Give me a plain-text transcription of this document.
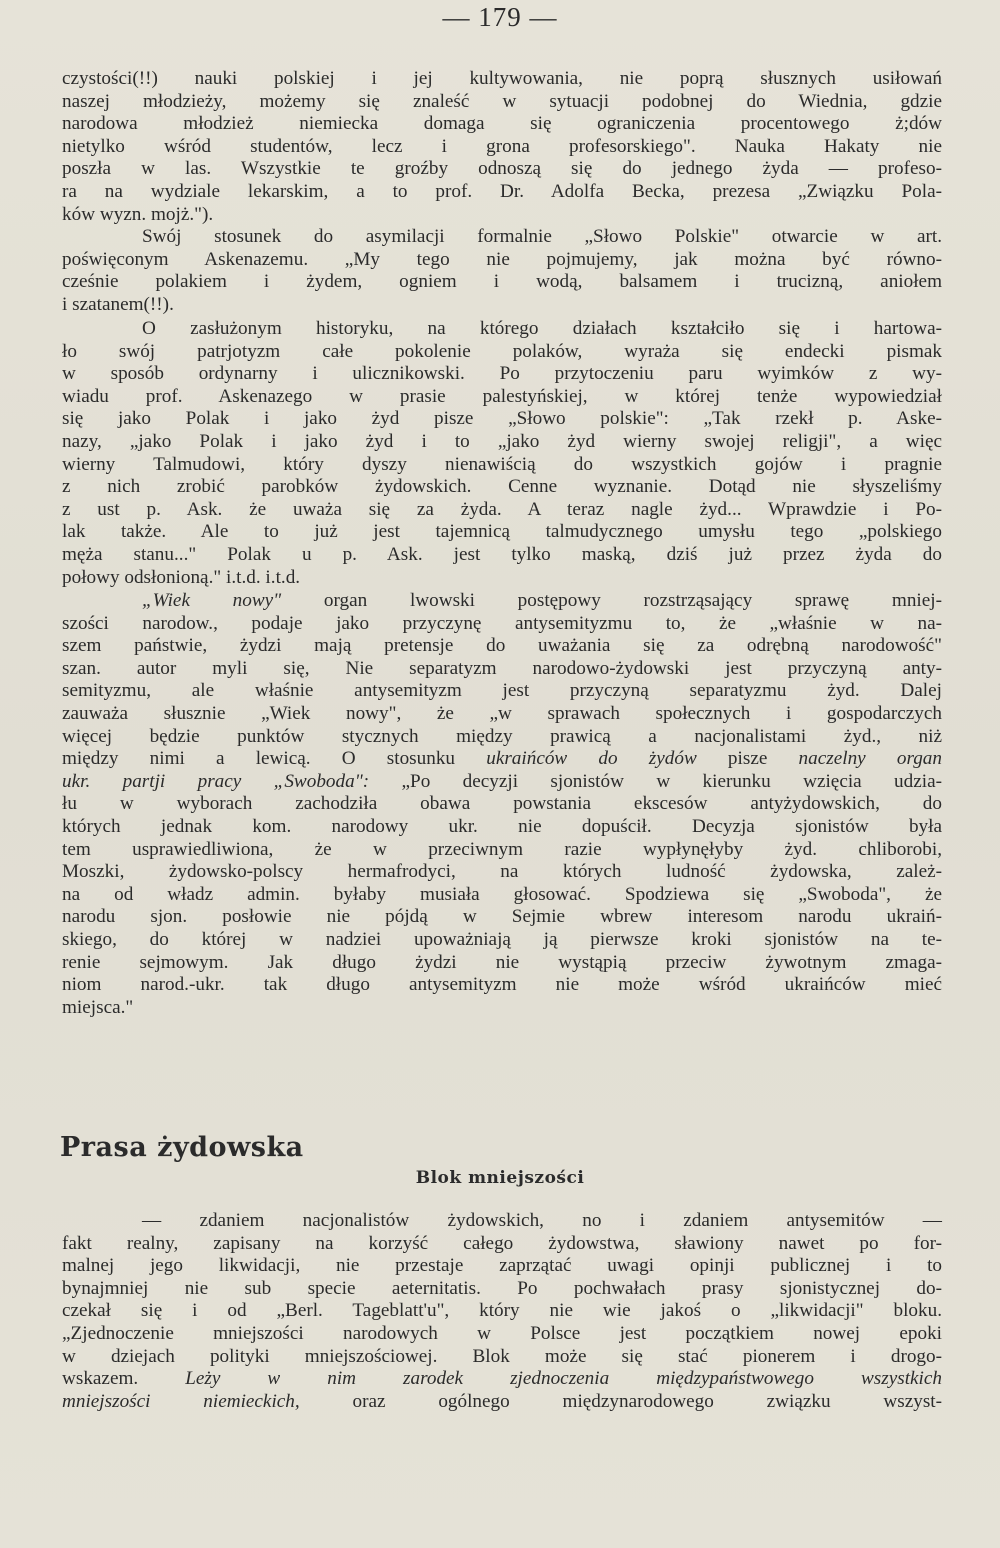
— 179 —

czystości(!!) nauki polskiej i jej kultywowania, nie poprą słusznych usiłowań

naszej młodzieży, możemy się znaleść w sytuacji podobnej do Wiednia, gdzie

narodowa młodzież niemiecka domaga się ograniczenia procentowego ż;dów

nietylko wśród studentów, lecz i grona profesorskiego". Nauka Hakaty nie

poszła w las. Wszystkie te groźby odnoszą się do jednego żyda — profeso-

ra na wydziale lekarskim, a to prof. Dr. Adolfa Becka, prezesa „Związku Pola-

ków wyzn. mojż.").

Swój stosunek do asymilacji formalnie „Słowo Polskie" otwarcie w art.

poświęconym Askenazemu. „My tego nie pojmujemy, jak można być równo-

cześnie polakiem i żydem, ogniem i wodą, balsamem i trucizną, aniołem

i szatanem(!!).

O zasłużonym historyku, na którego działach kształciło się i hartowa-

ło swój patrjotyzm całe pokolenie polaków, wyraża się endecki pismak

w sposób ordynarny i ulicznikowski. Po przytoczeniu paru wyimków z wy-

wiadu prof. Askenazego w prasie palestyńskiej, w której tenże wypowiedział

się jako Polak i jako żyd pisze „Słowo polskie": „Tak rzekł p. Aske-

nazy, „jako Polak i jako żyd i to „jako żyd wierny swojej religji", a więc

wierny Talmudowi, który dyszy nienawiścią do wszystkich gojów i pragnie

z nich zrobić parobków żydowskich. Cenne wyznanie. Dotąd nie słyszeliśmy

z ust p. Ask. że uważa się za żyda. A teraz nagle żyd... Wprawdzie i Po-

lak także. Ale to już jest tajemnicą talmudycznego umysłu tego „polskiego

męża stanu..." Polak u p. Ask. jest tylko maską, dziś już przez żyda do

połowy odsłonioną." i.t.d. i.t.d.

„Wiek nowy" organ lwowski postępowy rozstrząsający sprawę mniej-

szości narodow., podaje jako przyczynę antysemityzmu to, że „właśnie w na-

szem państwie, żydzi mają pretensje do uważania się za odrębną narodowość"

szan. autor myli się, Nie separatyzm narodowo-żydowski jest przyczyną anty-

semityzmu, ale właśnie antysemityzm jest przyczyną separatyzmu żyd. Dalej

zauważa słusznie „Wiek nowy", że „w sprawach społecznych i gospodarczych

więcej będzie punktów stycznych między prawicą a nacjonalistami żyd., niż

między nimi a lewicą. O stosunku ukraińców do żydów pisze naczelny organ

ukr. partji pracy „Swoboda": „Po decyzji sjonistów w kierunku wzięcia udzia-

łu w wyborach zachodziła obawa powstania ekscesów antyżydowskich, do

których jednak kom. narodowy ukr. nie dopuścił. Decyzja sjonistów była

tem usprawiedliwiona, że w przeciwnym razie wypłynęłyby żyd. chliborobi,

Moszki, żydowsko-polscy hermafrodyci, na których ludność żydowska, zależ-

na od władz admin. byłaby musiała głosować. Spodziewa się „Swoboda", że

narodu sjon. posłowie nie pójdą w Sejmie wbrew interesom narodu ukraiń-

skiego, do której w nadziei upoważniają ją pierwsze kroki sjonistów na te-

renie sejmowym. Jak długo żydzi nie wystąpią przeciw żywotnym zmaga-

niom narod.-ukr. tak długo antysemityzm nie może wśród ukraińców mieć

miejsca."

Prasa żydowska
Blok mniejszości

— zdaniem nacjonalistów żydowskich, no i zdaniem antysemitów —

fakt realny, zapisany na korzyść całego żydowstwa, sławiony nawet po for-

malnej jego likwidacji, nie przestaje zaprzątać uwagi opinji publicznej i to

bynajmniej nie sub specie aeternitatis. Po pochwałach prasy sjonistycznej do-

czekał się i od „Berl. Tageblatt'u", który nie wie jakoś o „likwidacji" bloku.

„Zjednoczenie mniejszości narodowych w Polsce jest początkiem nowej epoki

w dziejach polityki mniejszościowej. Blok może się stać pionerem i drogo-

wskazem. Leży w nim zarodek zjednoczenia międzypaństwowego wszystkich

mniejszości niemieckich, oraz ogólnego międzynarodowego związku wszyst-
